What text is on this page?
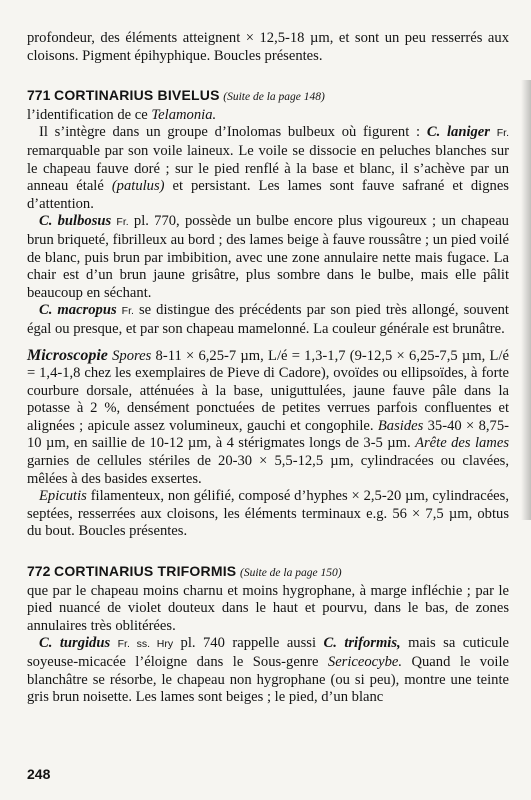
profondeur, des éléments atteignent × 12,5-18 µm, et sont un peu resserrés aux cloisons. Pigment épihyphique. Boucles présentes.

771 CORTINARIUS BIVELUS (Suite de la page 148)

l’identification de ce Telamonia.

Il s’intègre dans un groupe d’Inolomas bulbeux où figurent : C. laniger Fr. remarquable par son voile laineux. Le voile se dissocie en peluches blanches sur le chapeau fauve doré ; sur le pied renflé à la base et blanc, il s’achève par un anneau étalé (patulus) et persistant. Les lames sont fauve safrané et dignes d’attention.

C. bulbosus Fr. pl. 770, possède un bulbe encore plus vigoureux ; un chapeau brun briqueté, fibrilleux au bord ; des lames beige à fauve roussâtre ; un pied voilé de blanc, puis brun par imbibition, avec une zone annulaire nette mais fugace. La chair est d’un brun jaune grisâtre, plus sombre dans le bulbe, mais elle pâlit beaucoup en séchant.

C. macropus Fr. se distingue des précédents par son pied très allongé, souvent égal ou presque, et par son chapeau mamelonné. La couleur générale est brunâtre.

Microscopie Spores 8-11 × 6,25-7 µm, L/é = 1,3-1,7 (9-12,5 × 6,25-7,5 µm, L/é = 1,4-1,8 chez les exemplaires de Pieve di Cadore), ovoïdes ou ellipsoïdes, à forte courbure dorsale, atténuées à la base, uniguttulées, jaune fauve pâle dans la potasse à 2 %, densément ponctuées de petites verrues parfois confluentes et alignées ; apicule assez volumineux, gauchi et congophile. Basides 35-40 × 8,75-10 µm, en saillie de 10-12 µm, à 4 stérigmates longs de 3-5 µm. Arête des lames garnies de cellules stériles de 20-30 × 5,5-12,5 µm, cylindracées ou clavées, mêlées à des basides exsertes.

Epicutis filamenteux, non gélifié, composé d’hyphes × 2,5-20 µm, cylindracées, septées, resserrées aux cloisons, les éléments terminaux e.g. 56 × 7,5 µm, obtus du bout. Boucles présentes.

772 CORTINARIUS TRIFORMIS (Suite de la page 150)

que par le chapeau moins charnu et moins hygrophane, à marge infléchie ; par le pied nuancé de violet douteux dans le haut et pourvu, dans le bas, de zones annulaires très oblitérées.

C. turgidus Fr. ss. Hry pl. 740 rappelle aussi C. triformis, mais sa cuticule soyeuse-micacée l’éloigne dans le Sous-genre Sericeocybe. Quand le voile blanchâtre se résorbe, le chapeau non hygrophane (ou si peu), montre une teinte gris brun noisette. Les lames sont beiges ; le pied, d’un blanc

248
